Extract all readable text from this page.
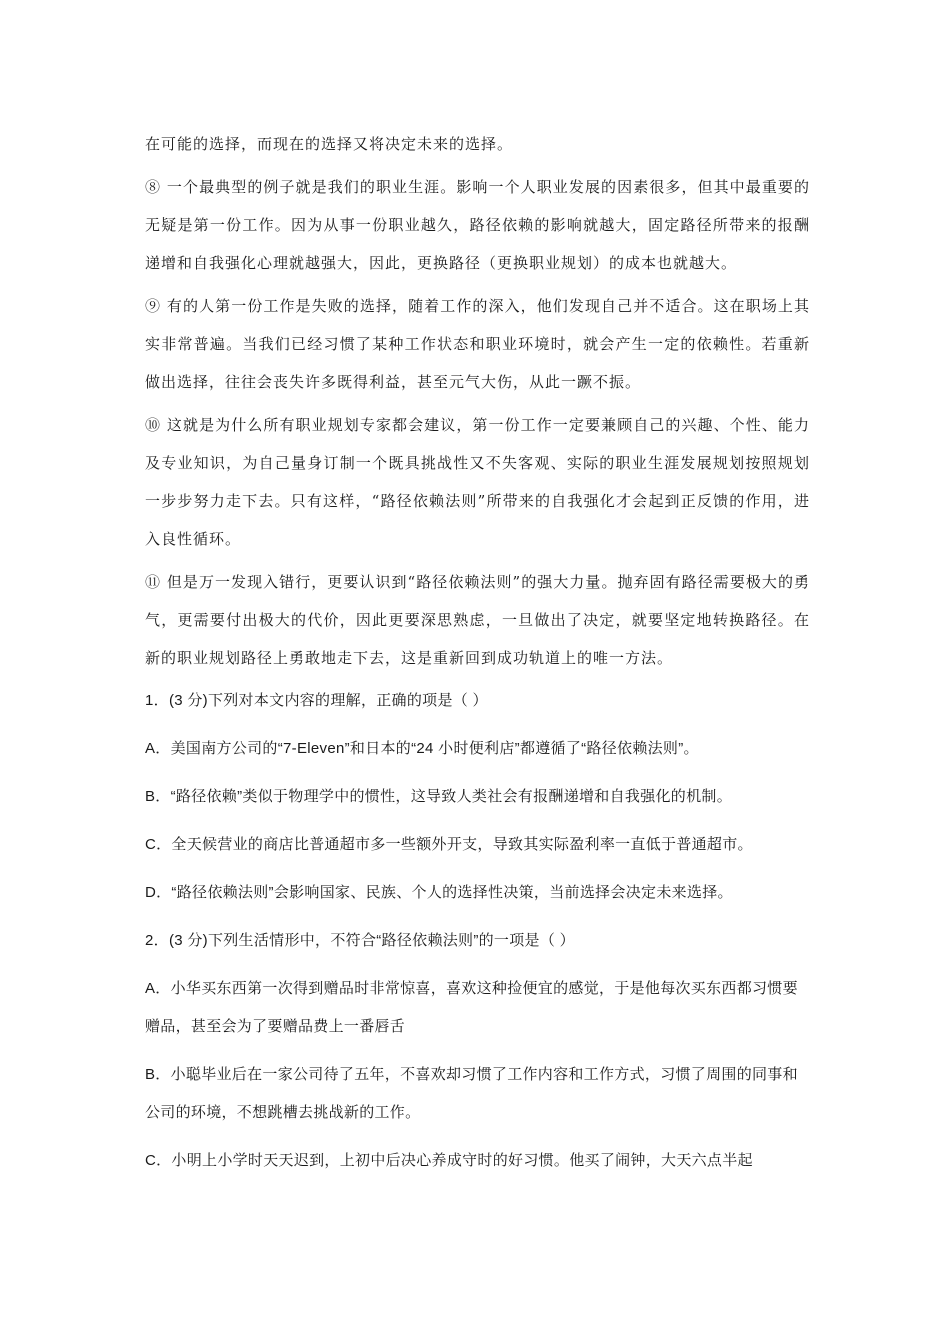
在可能的选择，而现在的选择又将决定未来的选择。

⑧ 一个最典型的例子就是我们的职业生涯。影响一个人职业发展的因素很多，但其中最重要的无疑是第一份工作。因为从事一份职业越久，路径依赖的影响就越大，固定路径所带来的报酬递增和自我强化心理就越强大，因此，更换路径（更换职业规划）的成本也就越大。

⑨ 有的人第一份工作是失败的选择，随着工作的深入，他们发现自己并不适合。这在职场上其实非常普遍。当我们已经习惯了某种工作状态和职业环境时，就会产生一定的依赖性。若重新做出选择，往往会丧失许多既得利益，甚至元气大伤，从此一蹶不振。

⑩ 这就是为什么所有职业规划专家都会建议，第一份工作一定要兼顾自己的兴趣、个性、能力及专业知识，为自己量身订制一个既具挑战性又不失客观、实际的职业生涯发展规划按照规划一步步努力走下去。只有这样，“路径依赖法则”所带来的自我强化才会起到正反馈的作用，进入良性循环。

⑪ 但是万一发现入错行，更要认识到“路径依赖法则”的强大力量。抛弃固有路径需要极大的勇气，更需要付出极大的代价，因此更要深思熟虑，一旦做出了决定，就要坚定地转换路径。在新的职业规划路径上勇敢地走下去，这是重新回到成功轨道上的唯一方法。

1．(3 分)下列对本文内容的理解，正确的项是（ ）

A．美国南方公司的“7-Eleven”和日本的“24 小时便利店”都遵循了“路径依赖法则”。

B．“路径依赖”类似于物理学中的惯性，这导致人类社会有报酬递增和自我强化的机制。

C．全天候营业的商店比普通超市多一些额外开支，导致其实际盈利率一直低于普通超市。

D．“路径依赖法则”会影响国家、民族、个人的选择性决策，当前选择会决定未来选择。

2．(3 分)下列生活情形中，不符合“路径依赖法则”的一项是（ ）

A．小华买东西第一次得到赠品时非常惊喜，喜欢这种捡便宜的感觉，于是他每次买东西都习惯要赠品，甚至会为了要赠品费上一番唇舌

B．小聪毕业后在一家公司待了五年，不喜欢却习惯了工作内容和工作方式，习惯了周围的同事和公司的环境，不想跳槽去挑战新的工作。

C．小明上小学时天天迟到，上初中后决心养成守时的好习惯。他买了闹钟，大天六点半起
